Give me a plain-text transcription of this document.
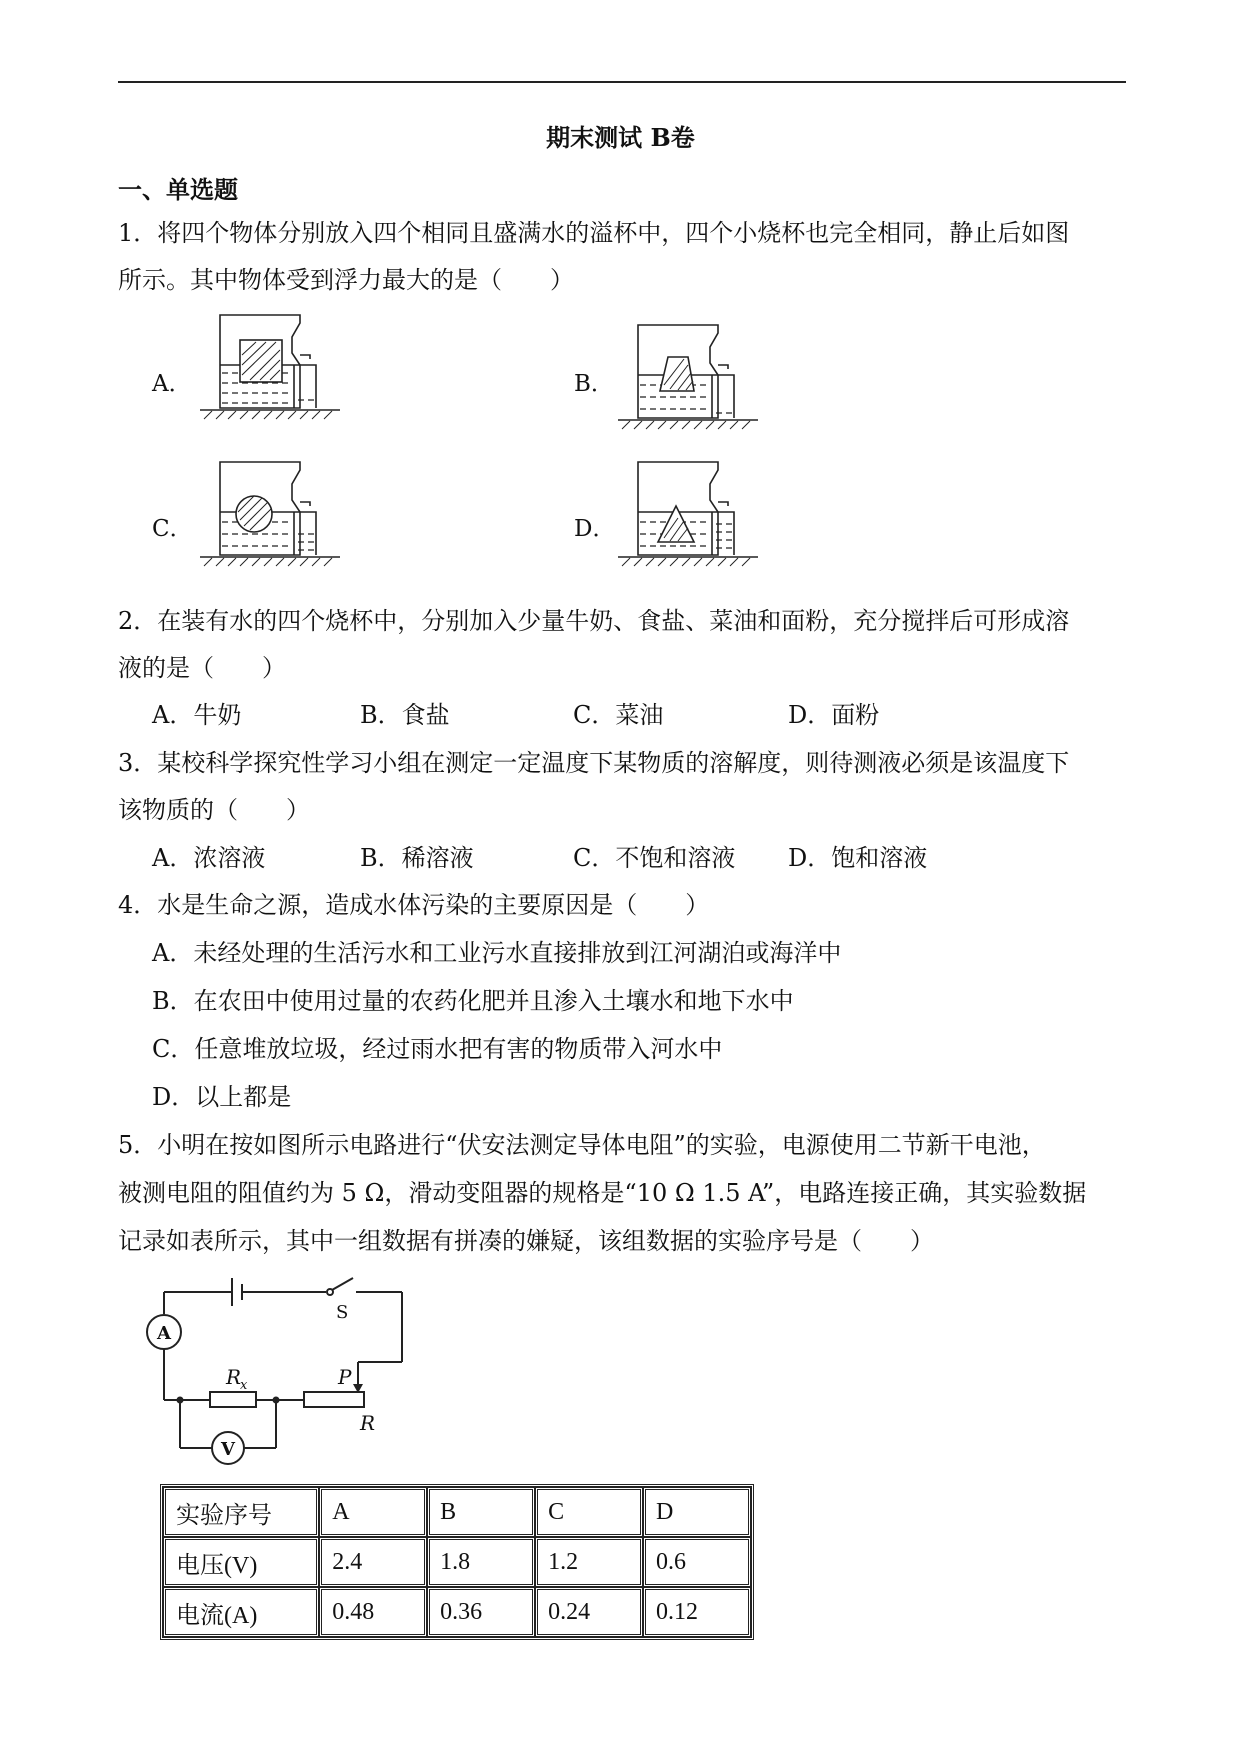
期末测试 B卷
一、单选题
1．将四个物体分别放入四个相同且盛满水的溢杯中，四个小烧杯也完全相同，静止后如图
所示。其中物体受到浮力最大的是（　　）
A．	B．
C．	D．
2．在装有水的四个烧杯中，分别加入少量牛奶、食盐、菜油和面粉，充分搅拌后可形成溶
液的是（　　）
A．牛奶	B．食盐	C．菜油	D．面粉
3．某校科学探究性学习小组在测定一定温度下某物质的溶解度，则待测液必须是该温度下
该物质的（　　）
A．浓溶液	B．稀溶液	C．不饱和溶液 D．饱和溶液
4．水是生命之源，造成水体污染的主要原因是（　　）
A．未经处理的生活污水和工业污水直接排放到江河湖泊或海洋中
B．在农田中使用过量的农药化肥并且渗入土壤水和地下水中
C．任意堆放垃圾，经过雨水把有害的物质带入河水中
D．以上都是
5．小明在按如图所示电路进行“伏安法测定导体电阻”的实验，电源使用二节新干电池，
被测电阻的阻值约为 5 Ω，滑动变阻器的规格是“10 Ω 1.5 A”，电路连接正确，其实验数据
记录如表所示，其中一组数据有拼凑的嫌疑，该组数据的实验序号是（　　）
A
V
S
R
x	P
R
实验序号	A	B	C	D
电压(V)	2.4	1.8	1.2	0.6
电流(A)	0.48	0.36	0.24	0.12
